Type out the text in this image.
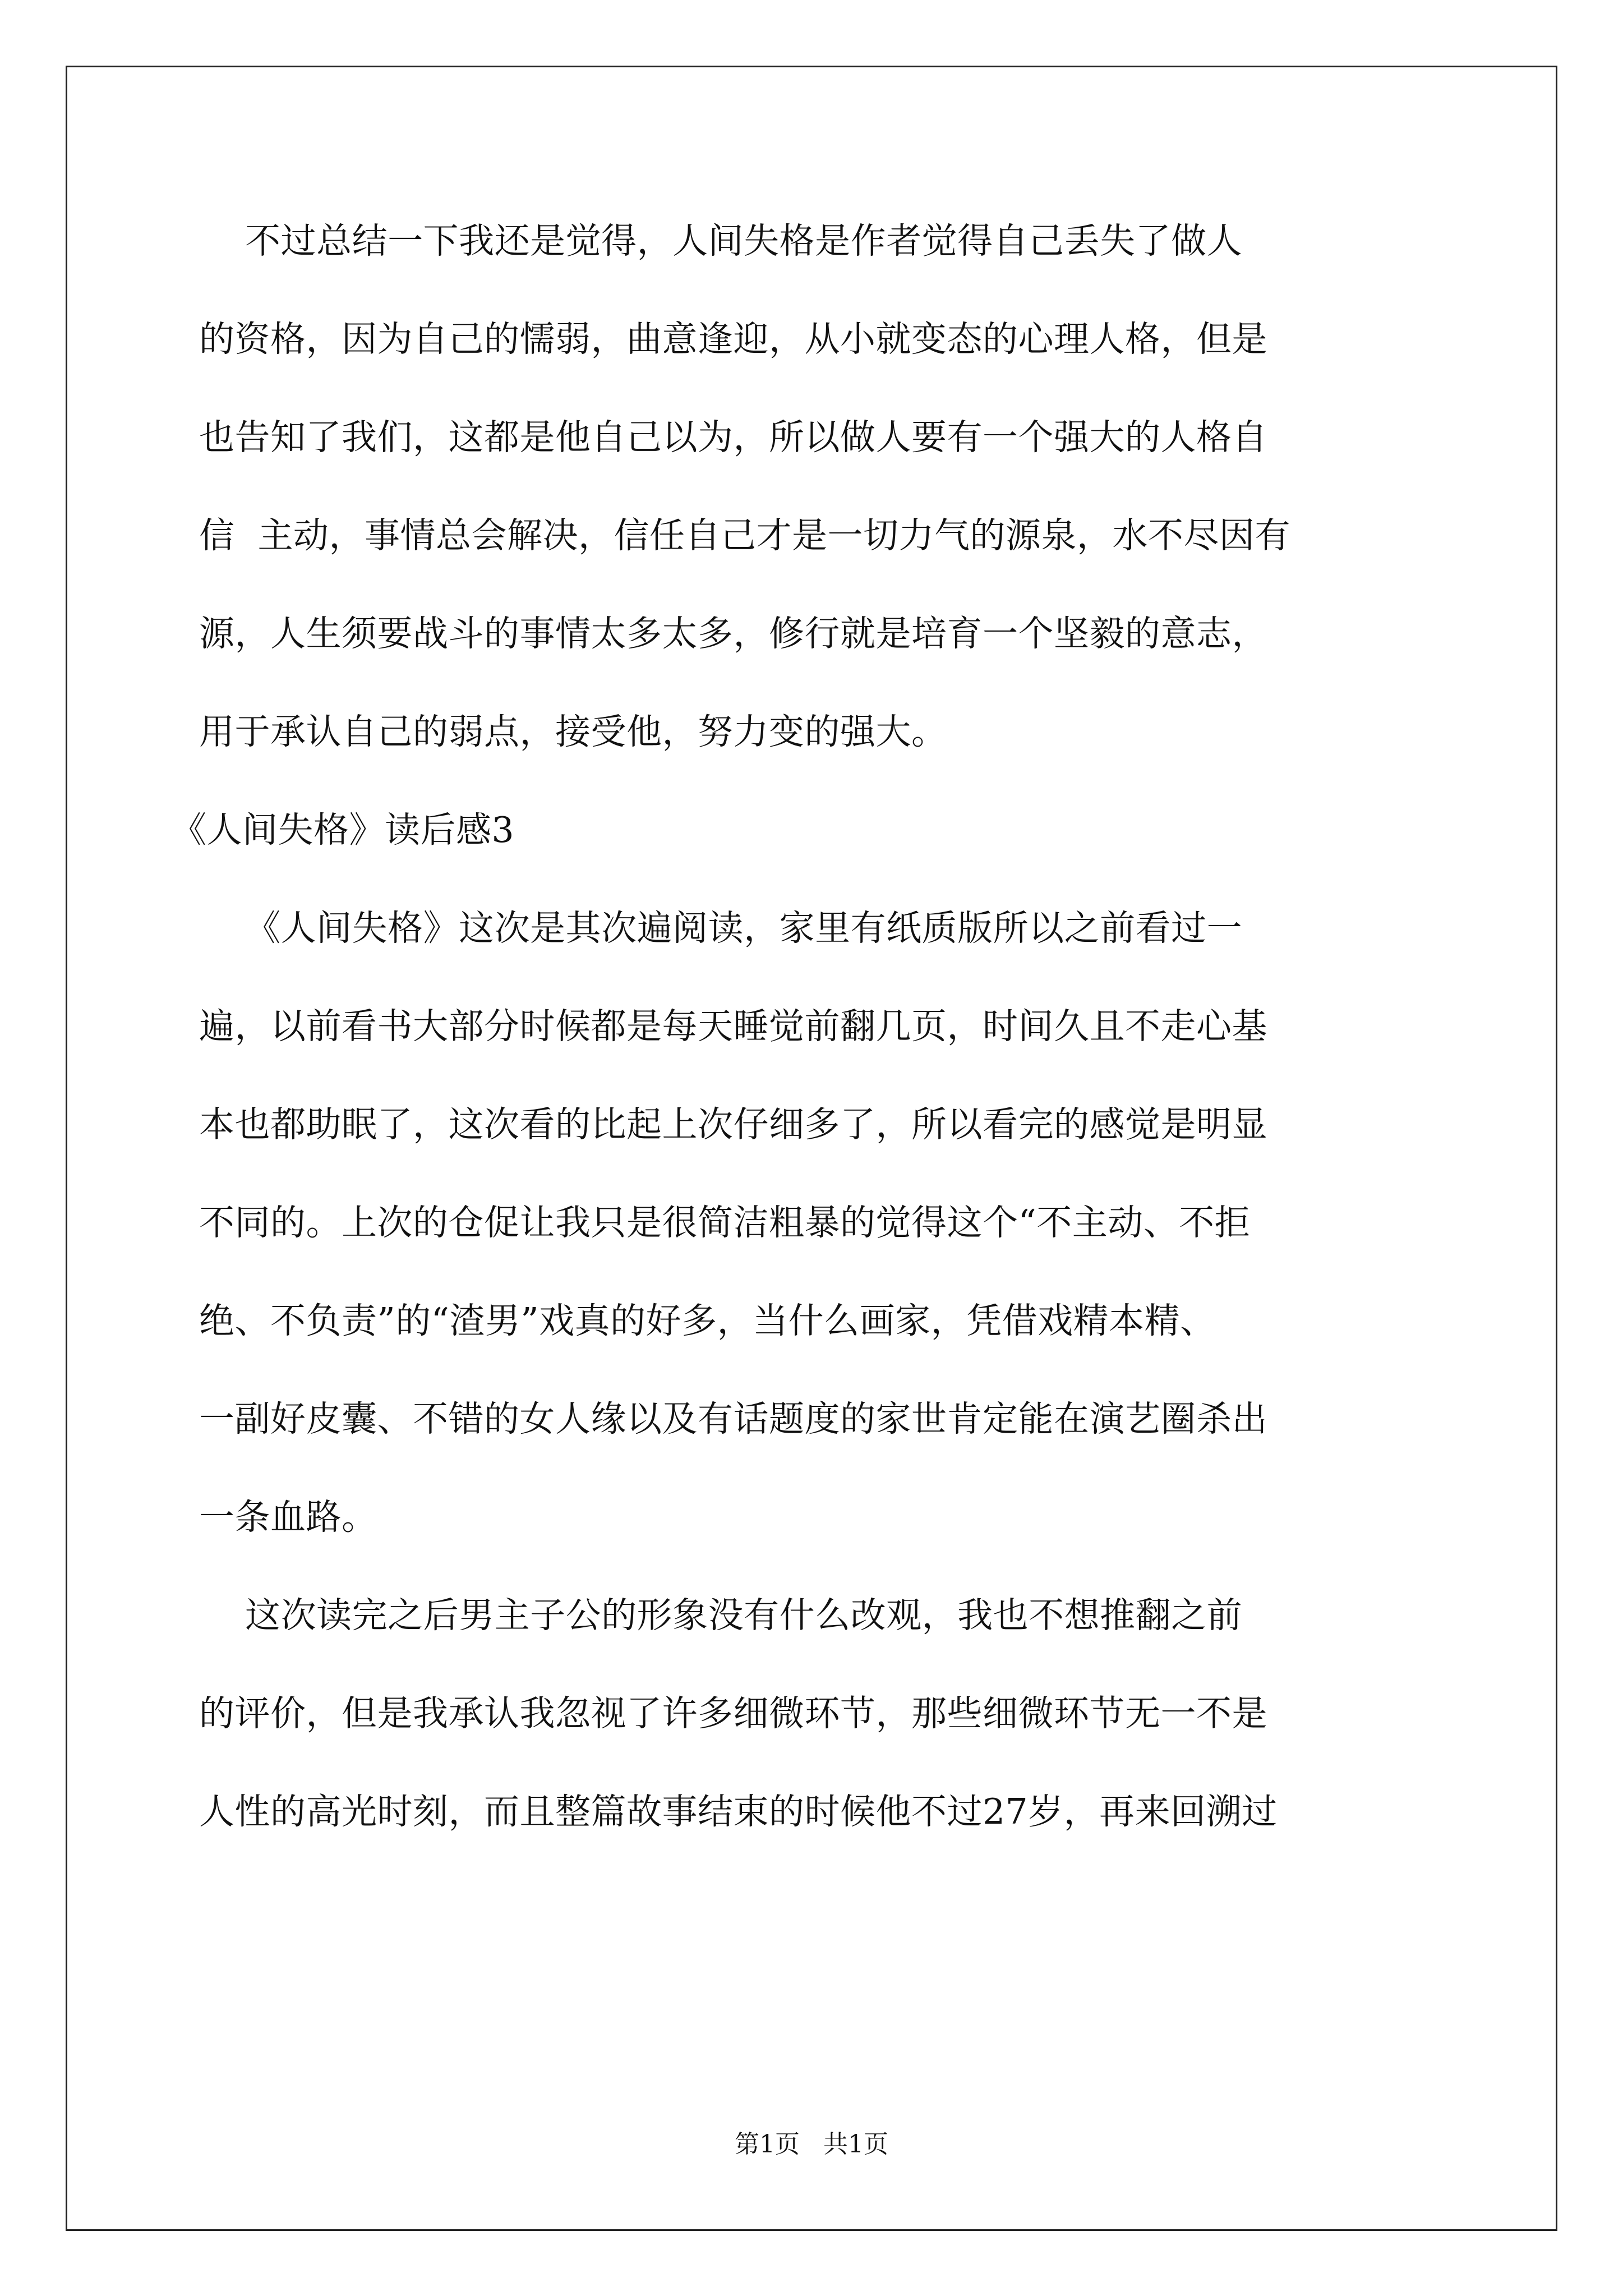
不过总结一下我还是觉得，人间失格是作者觉得自己丢失了做人
的资格，因为自己的懦弱，曲意逢迎，从小就变态的心理人格，但是
也告知了我们，这都是他自己以为，所以做人要有一个强大的人格自
信  主动，事情总会解决，信任自己才是一切力气的源泉，水不尽因有
源，人生须要战斗的事情太多太多，修行就是培育一个坚毅的意志，
用于承认自己的弱点，接受他，努力变的强大。
《人间失格》读后感3
《人间失格》这次是其次遍阅读，家里有纸质版所以之前看过一
遍，以前看书大部分时候都是每天睡觉前翻几页，时间久且不走心基
本也都助眠了，这次看的比起上次仔细多了，所以看完的感觉是明显
不同的。上次的仓促让我只是很简洁粗暴的觉得这个“不主动、不拒
绝、不负责”的“渣男”戏真的好多，当什么画家，凭借戏精本精、
一副好皮囊、不错的女人缘以及有话题度的家世肯定能在演艺圈杀出
一条血路。
这次读完之后男主子公的形象没有什么改观，我也不想推翻之前
的评价，但是我承认我忽视了许多细微环节，那些细微环节无一不是
人性的高光时刻，而且整篇故事结束的时候他不过27岁，再来回溯过
第1页   共1页
